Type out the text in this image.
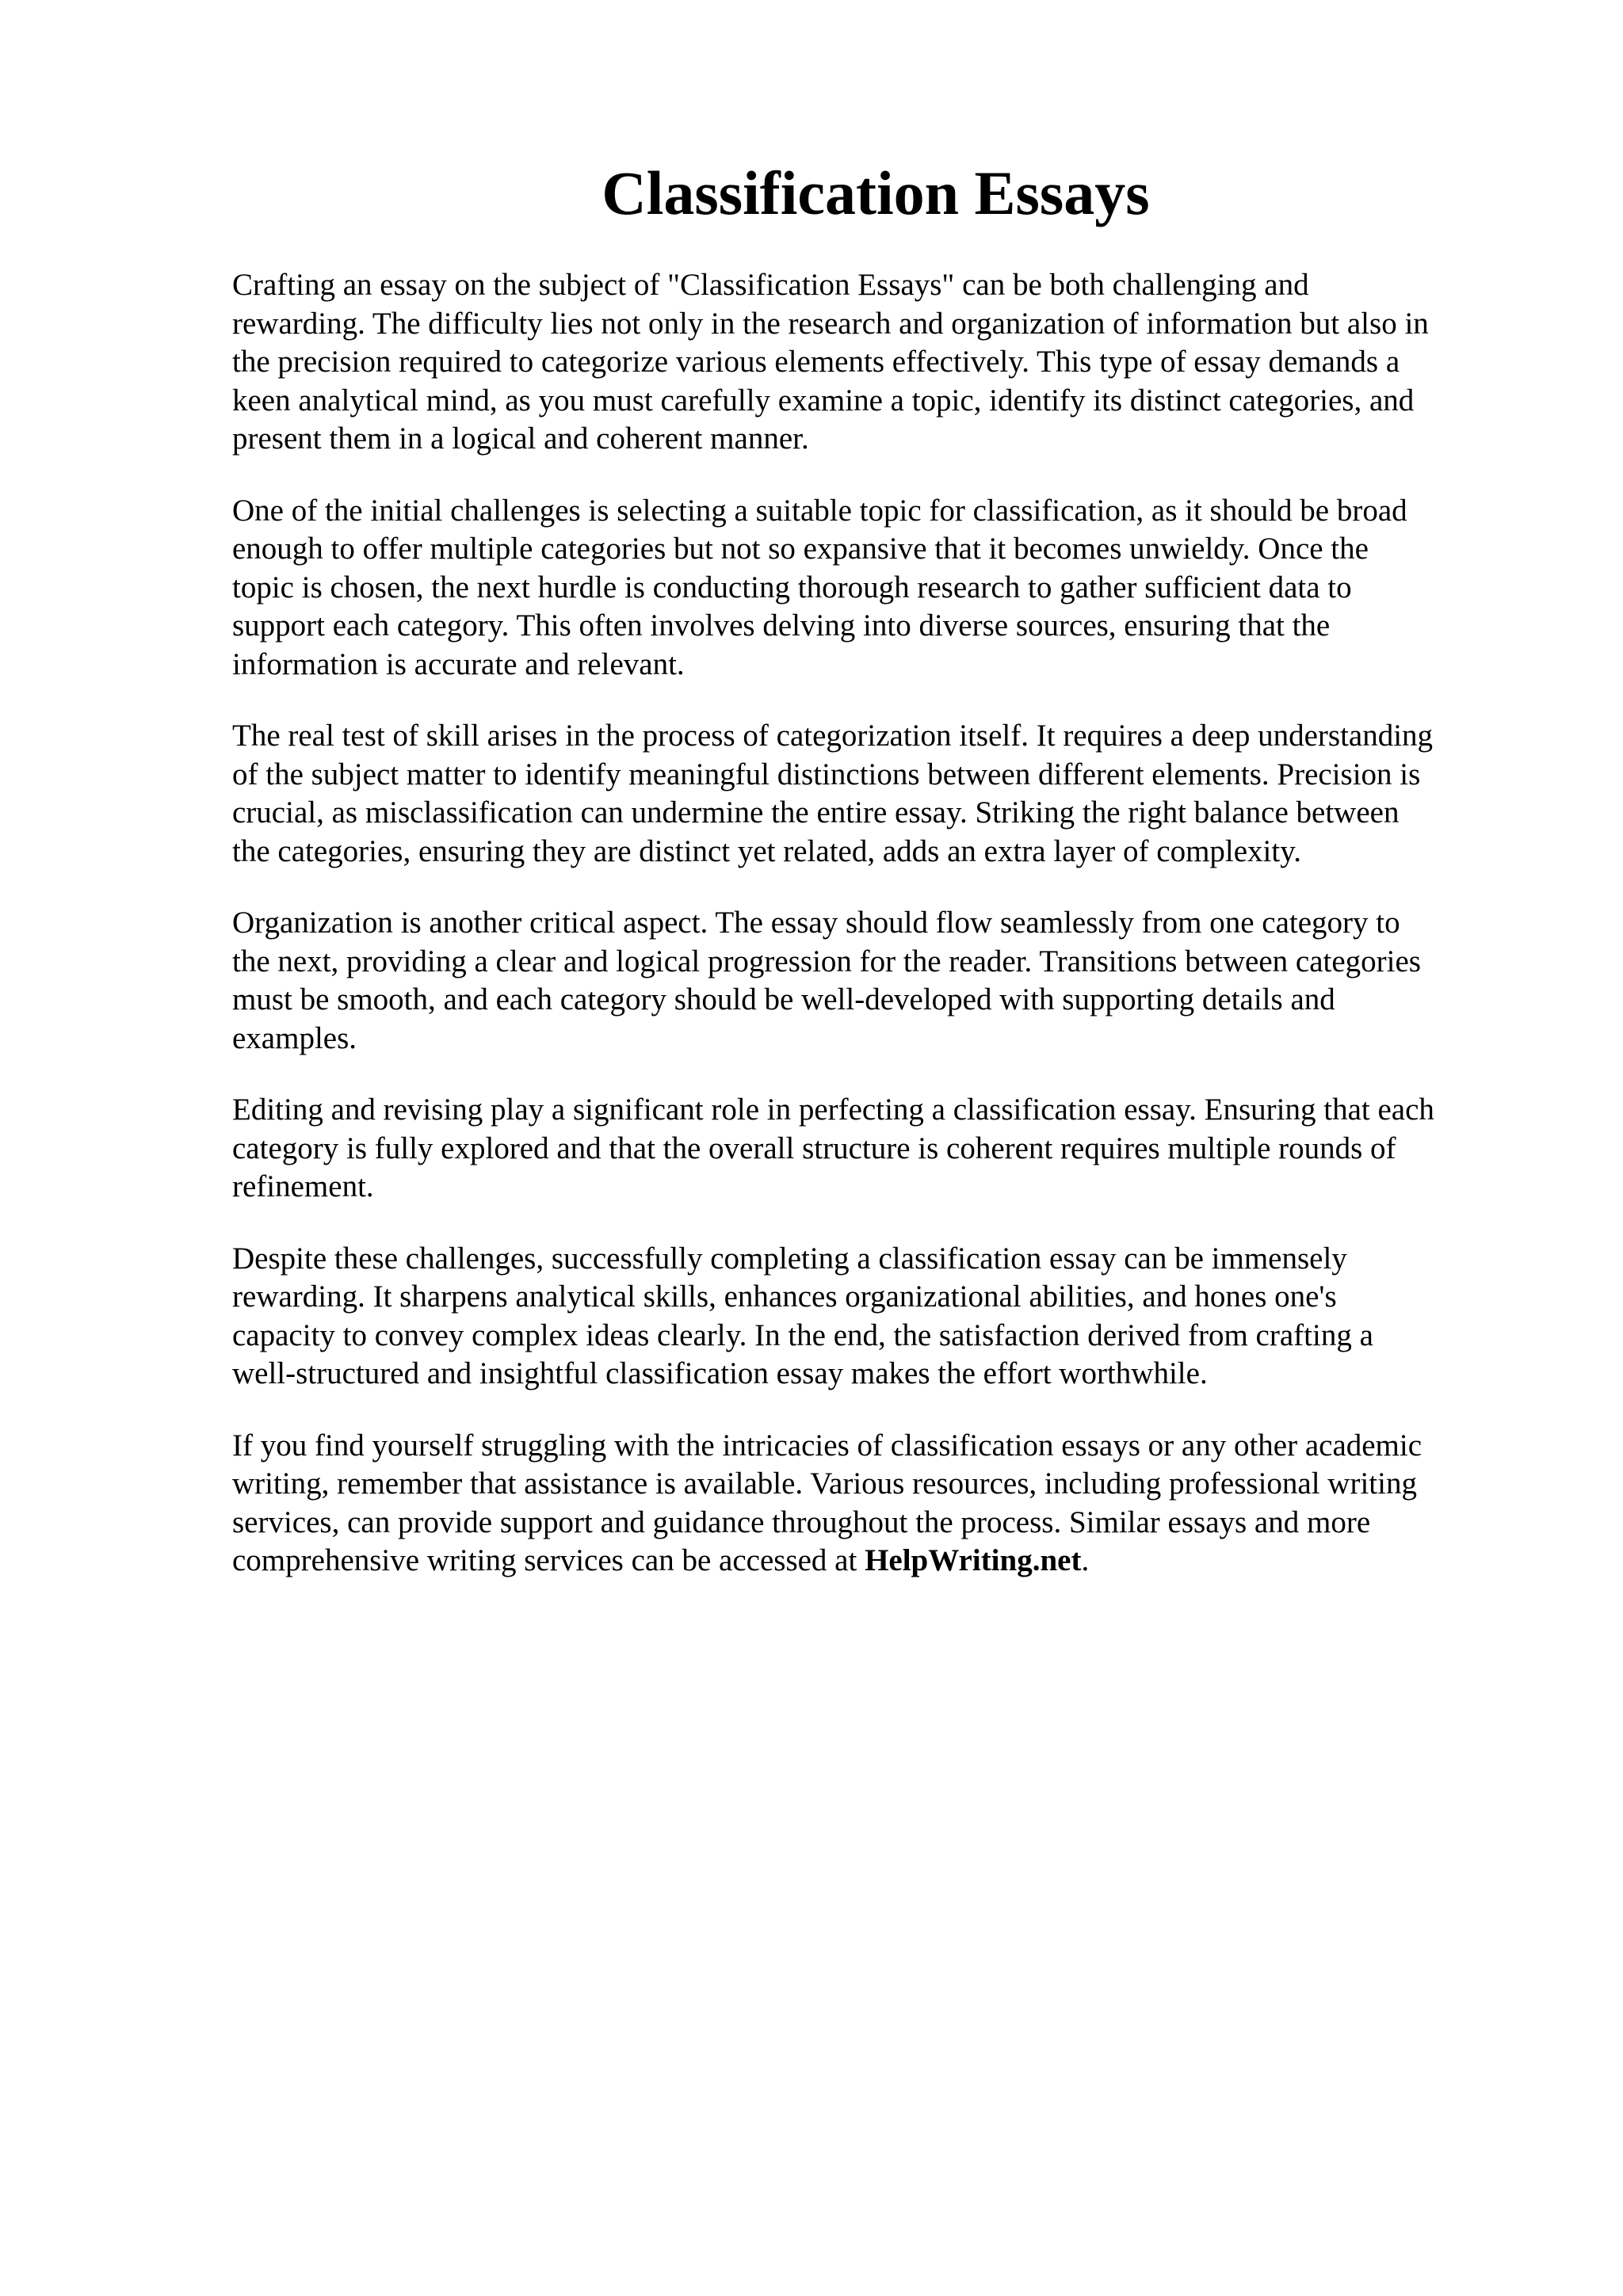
Classification Essays

Crafting an essay on the subject of "Classification Essays" can be both challenging and
rewarding. The difficulty lies not only in the research and organization of information but also in
the precision required to categorize various elements effectively. This type of essay demands a
keen analytical mind, as you must carefully examine a topic, identify its distinct categories, and
present them in a logical and coherent manner.

One of the initial challenges is selecting a suitable topic for classification, as it should be broad
enough to offer multiple categories but not so expansive that it becomes unwieldy. Once the
topic is chosen, the next hurdle is conducting thorough research to gather sufficient data to
support each category. This often involves delving into diverse sources, ensuring that the
information is accurate and relevant.

The real test of skill arises in the process of categorization itself. It requires a deep understanding
of the subject matter to identify meaningful distinctions between different elements. Precision is
crucial, as misclassification can undermine the entire essay. Striking the right balance between
the categories, ensuring they are distinct yet related, adds an extra layer of complexity.

Organization is another critical aspect. The essay should flow seamlessly from one category to
the next, providing a clear and logical progression for the reader. Transitions between categories
must be smooth, and each category should be well-developed with supporting details and
examples.

Editing and revising play a significant role in perfecting a classification essay. Ensuring that each
category is fully explored and that the overall structure is coherent requires multiple rounds of
refinement.

Despite these challenges, successfully completing a classification essay can be immensely
rewarding. It sharpens analytical skills, enhances organizational abilities, and hones one's
capacity to convey complex ideas clearly. In the end, the satisfaction derived from crafting a
well-structured and insightful classification essay makes the effort worthwhile.

If you find yourself struggling with the intricacies of classification essays or any other academic
writing, remember that assistance is available. Various resources, including professional writing
services, can provide support and guidance throughout the process. Similar essays and more
comprehensive writing services can be accessed at HelpWriting.net.
